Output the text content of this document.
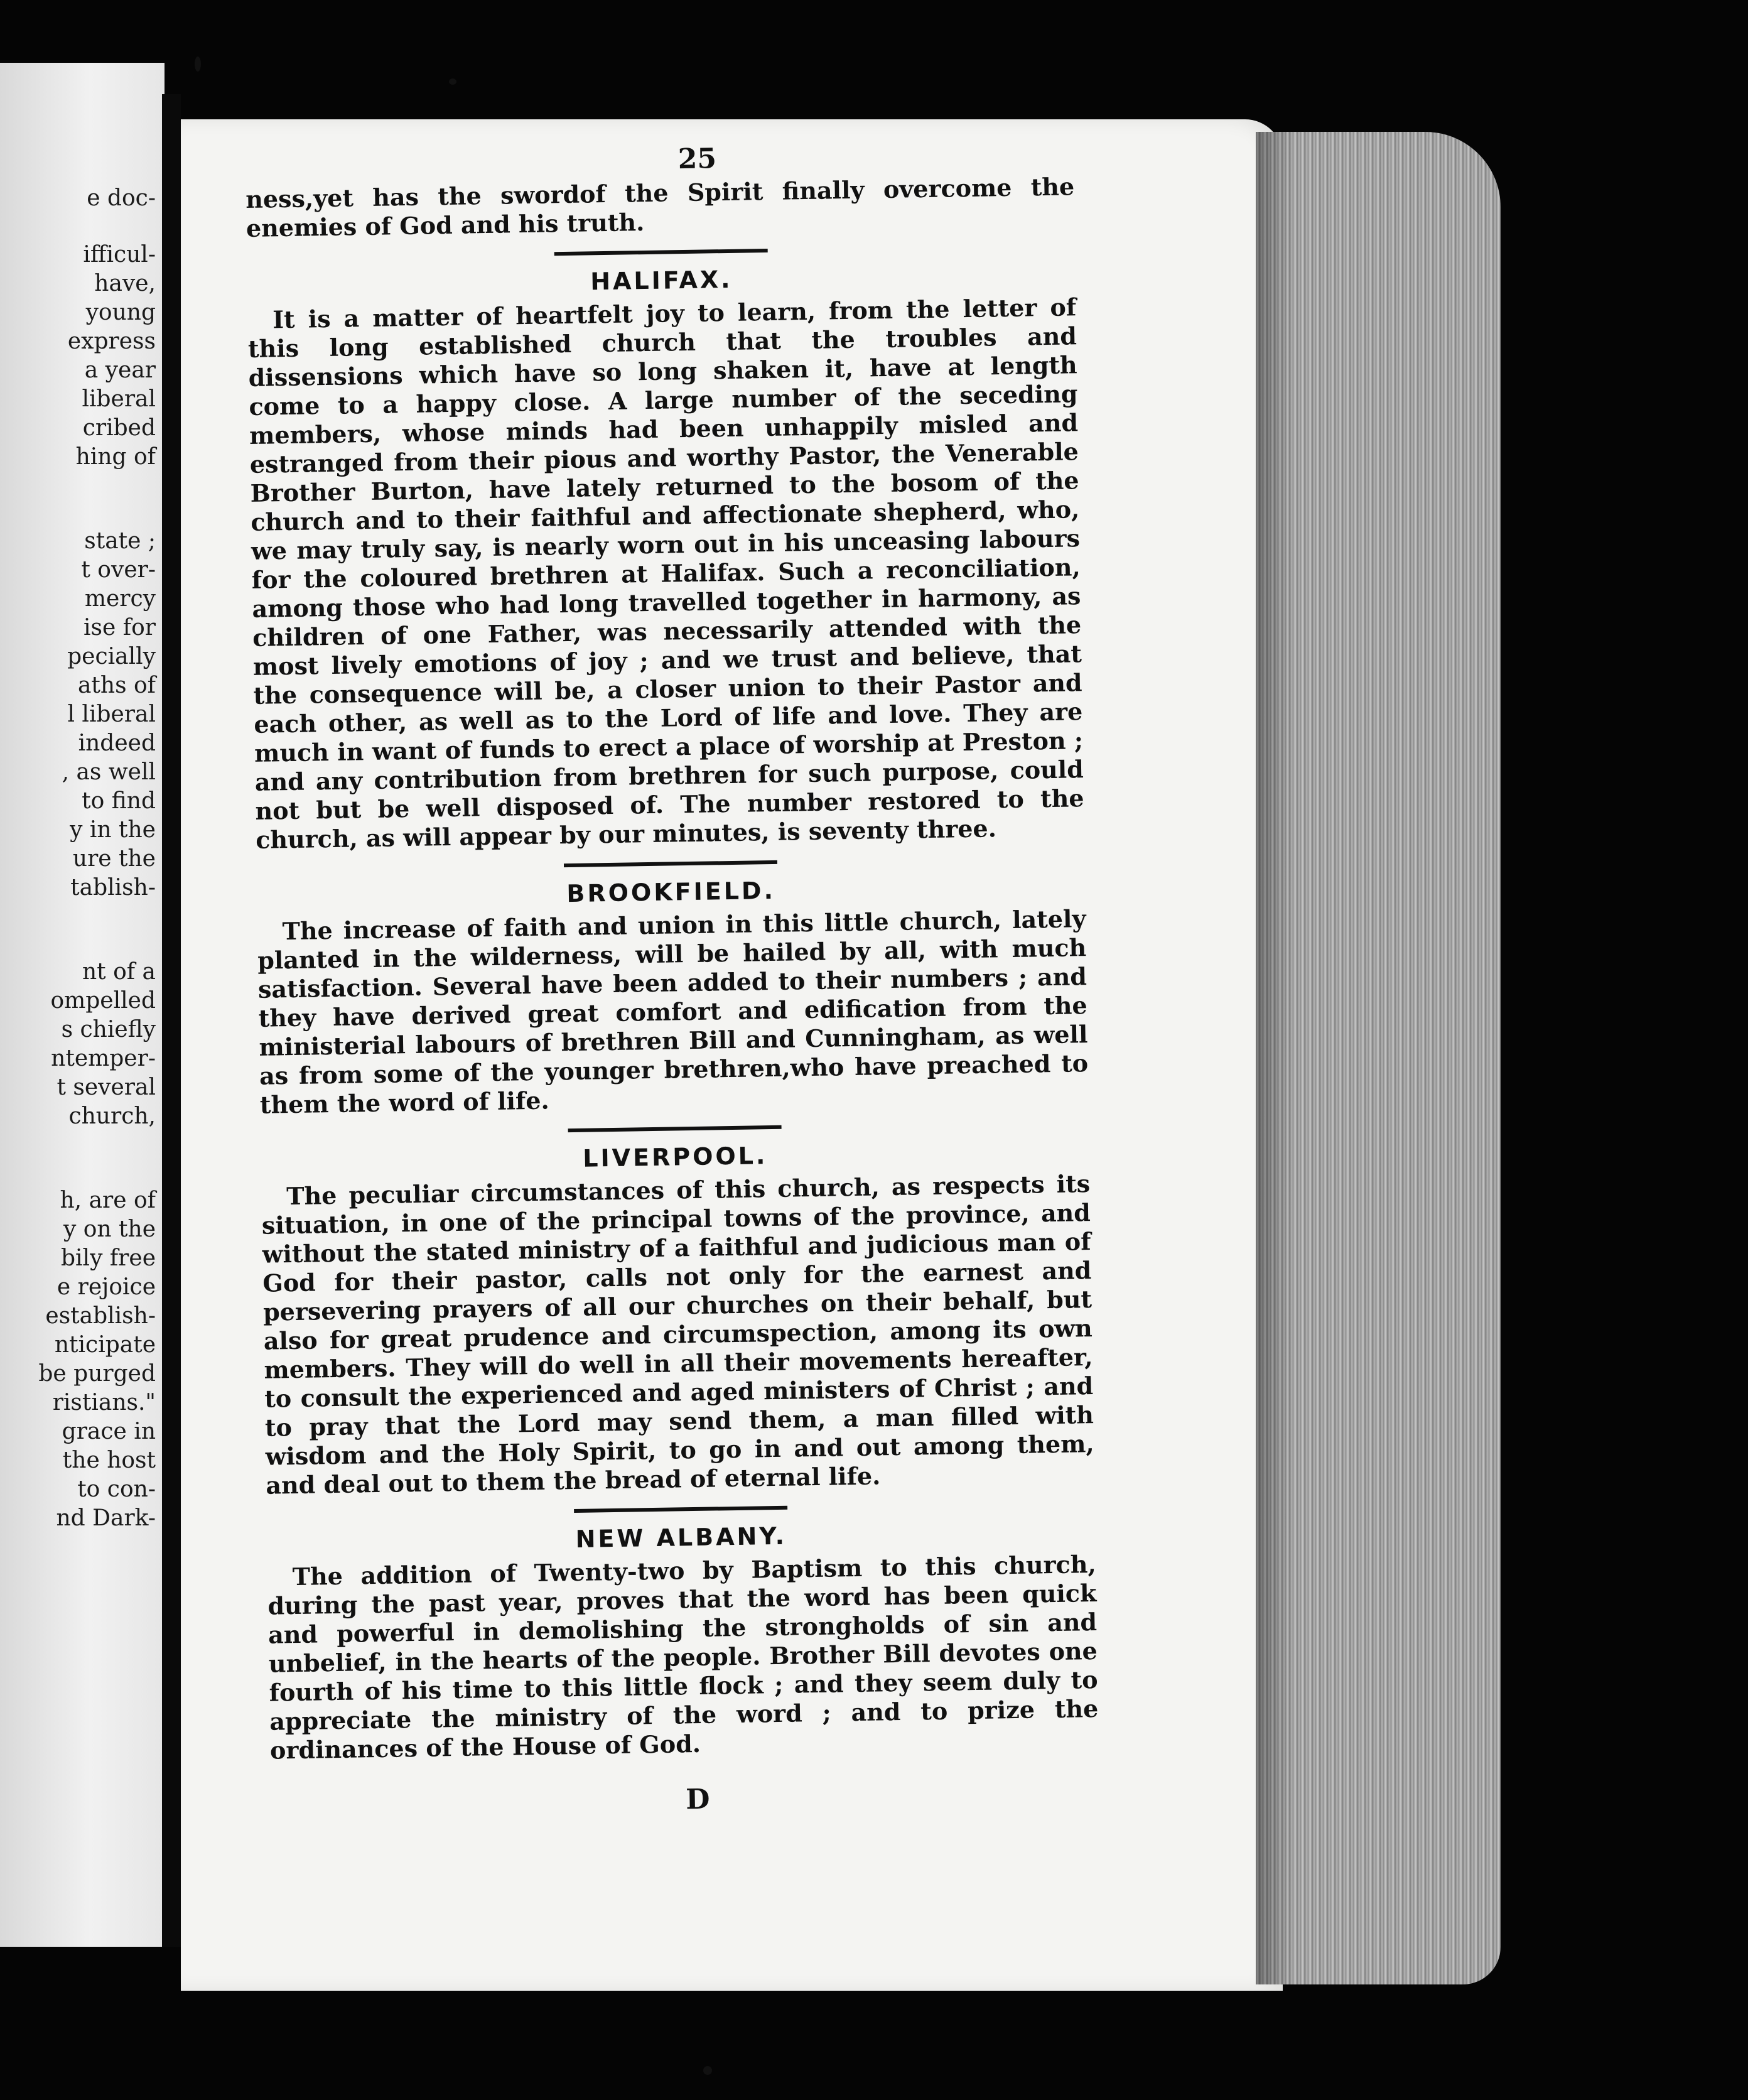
e doc-
ifficul-
have,
young
express
a year
liberal
cribed
hing of
state ;
t over-
mercy
ise for
pecially
aths of
l liberal
indeed
, as well
to find
y in the
ure the
tablish-
nt of a
ompelled
s chiefly
ntemper-
t several
church,
h, are of
y on the
bily free
e rejoice
establish-
nticipate
be purged
ristians."
grace in
the host
to con-
nd Dark-
25

ness,yet has the swordof the Spirit finally overcome the enemies of God and his truth.

HALIFAX.

It is a matter of heartfelt joy to learn, from the letter of this long established church that the troubles and dissensions which have so long shaken it, have at length come to a happy close. A large number of the seceding members, whose minds had been unhappily misled and estranged from their pious and worthy Pastor, the Venerable Brother Burton, have lately returned to the bosom of the church and to their faithful and affectionate shepherd, who, we may truly say, is nearly worn out in his unceasing labours for the coloured brethren at Halifax. Such a reconciliation, among those who had long travelled together in harmony, as children of one Father, was necessarily attended with the most lively emotions of joy ; and we trust and believe, that the consequence will be, a closer union to their Pastor and each other, as well as to the Lord of life and love. They are much in want of funds to erect a place of worship at Preston ; and any contribution from brethren for such purpose, could not but be well disposed of. The number restored to the church, as will appear by our minutes, is seventy three.

BROOKFIELD.

The increase of faith and union in this little church, lately planted in the wilderness, will be hailed by all, with much satisfaction. Several have been added to their numbers ; and they have derived great comfort and edification from the ministerial labours of brethren Bill and Cunningham, as well as from some of the younger brethren,who have preached to them the word of life.

LIVERPOOL.

The peculiar circumstances of this church, as respects its situation, in one of the principal towns of the province, and without the stated ministry of a faithful and judicious man of God for their pastor, calls not only for the earnest and persevering prayers of all our churches on their behalf, but also for great prudence and circumspection, among its own members. They will do well in all their movements hereafter, to consult the experienced and aged ministers of Christ ; and to pray that the Lord may send them, a man filled with wisdom and the Holy Spirit, to go in and out among them, and deal out to them the bread of eternal life.

NEW ALBANY.

The addition of Twenty-two by Baptism to this church, during the past year, proves that the word has been quick and powerful in demolishing the strongholds of sin and unbelief, in the hearts of the people. Brother Bill devotes one fourth of his time to this little flock ; and they seem duly to appreciate the ministry of the word ; and to prize the ordinances of the House of God.

D
